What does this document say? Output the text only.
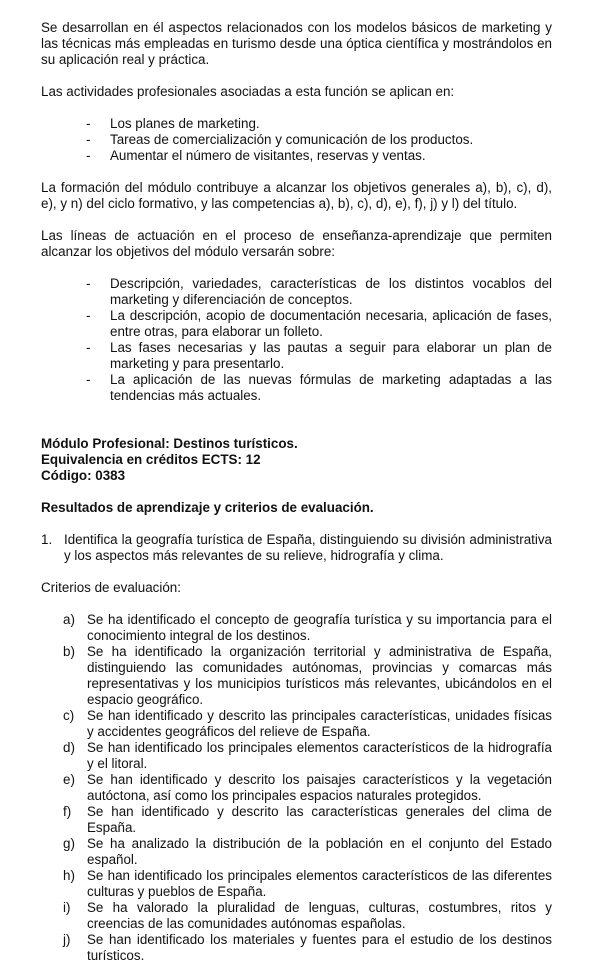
Se desarrollan en él aspectos relacionados con los modelos básicos de marketing y las técnicas más empleadas en turismo desde una óptica científica y mostrándolos en su aplicación real y práctica.

Las actividades profesionales asociadas a esta función se aplican en:

- Los planes de marketing.
- Tareas de comercialización y comunicación de los productos.
- Aumentar el número de visitantes, reservas y ventas.

La formación del módulo contribuye a alcanzar los objetivos generales a), b), c), d), e), y n) del ciclo formativo, y las competencias a), b), c), d), e), f), j) y l) del título.

Las líneas de actuación en el proceso de enseñanza-aprendizaje que permiten alcanzar los objetivos del módulo versarán sobre:

- Descripción, variedades, características de los distintos vocablos del marketing y diferenciación de conceptos.
- La descripción, acopio de documentación necesaria, aplicación de fases, entre otras, para elaborar un folleto.
- Las fases necesarias y las pautas a seguir para elaborar un plan de marketing y para presentarlo.
- La aplicación de las nuevas fórmulas de marketing adaptadas a las tendencias más actuales.

Módulo Profesional: Destinos turísticos.

Equivalencia en créditos ECTS: 12

Código: 0383

Resultados de aprendizaje y criterios de evaluación.

1. Identifica la geografía turística de España, distinguiendo su división administrativa y los aspectos más relevantes de su relieve, hidrografía y clima.

Criterios de evaluación:

a) Se ha identificado el concepto de geografía turística y su importancia para el conocimiento integral de los destinos.
b) Se ha identificado la organización territorial y administrativa de España, distinguiendo las comunidades autónomas, provincias y comarcas más representativas y los municipios turísticos más relevantes, ubicándolos en el espacio geográfico.
c) Se han identificado y descrito las principales características, unidades físicas y accidentes geográficos del relieve de España.
d) Se han identificado los principales elementos característicos de la hidrografía y el litoral.
e) Se han identificado y descrito los paisajes característicos y la vegetación autóctona, así como los principales espacios naturales protegidos.
f) Se han identificado y descrito las características generales del clima de España.
g) Se ha analizado la distribución de la población en el conjunto del Estado español.
h) Se han identificado los principales elementos característicos de las diferentes culturas y pueblos de España.
i) Se ha valorado la pluralidad de lenguas, culturas, costumbres, ritos y creencias de las comunidades autónomas españolas.
j) Se han identificado los materiales y fuentes para el estudio de los destinos turísticos.
